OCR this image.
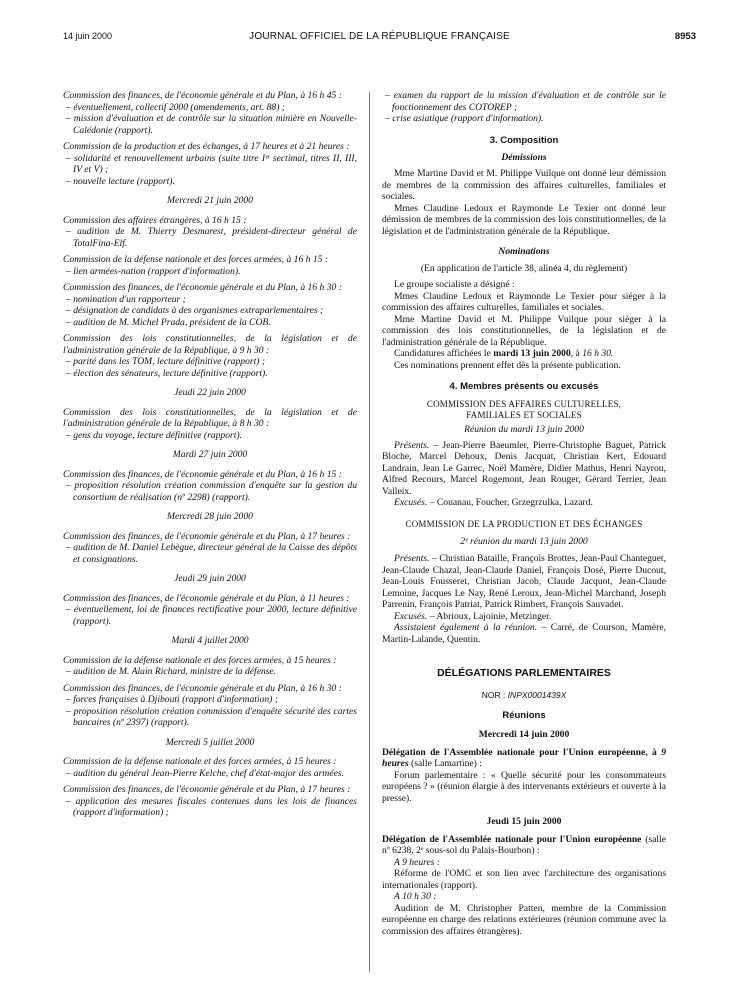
14 juin 2000	JOURNAL OFFICIEL DE LA RÉPUBLIQUE FRANÇAISE	8953

Commission des finances, de l'économie générale et du Plan, à 16 h 45 :

– éventuellement, collectif 2000 (amendements, art. 88) ;
– mission d'évaluation et de contrôle sur la situation minière en Nouvelle-Calédonie (rapport).

Commission de la production et des échanges, à 17 heures et à 21 heures :

– solidarité et renouvellement urbains (suite titre Iᵉʳ sectimal, titres II, III, IV et V) ;
– nouvelle lecture (rapport).

Mercredi 21 juin 2000

Commission des affaires étrangères, à 16 h 15 :

– audition de M. Thierry Desmarest, président-directeur général de TotalFina-Elf.

Commission de la défense nationale et des forces armées, à 16 h 15 :

– lien armées-nation (rapport d'information).

Commission des finances, de l'économie générale et du Plan, à 16 h 30 :

– nomination d'un rapporteur ;
– désignation de candidats à des organismes extraparlementaires ;
– audition de M. Michel Prada, président de la COB.

Commission des lois constitutionnelles, de la législation et de l'administration générale de la République, à 9 h 30 :

– parité dans les TOM, lecture définitive (rapport) ;
– élection des sénateurs, lecture définitive (rapport).

Jeudi 22 juin 2000

Commission des lois constitutionnelles, de la législation et de l'administration générale de la République, à 8 h 30 :

– gens du voyage, lecture définitive (rapport).

Mardi 27 juin 2000

Commission des finances, de l'économie générale et du Plan, à 16 h 15 :

– proposition résolution création commission d'enquête sur la gestion du consortium de réalisation (nº 2298) (rapport).

Mercredi 28 juin 2000

Commission des finances, de l'économie générale et du Plan, à 17 heures :

– audition de M. Daniel Lebègue, directeur général de la Caisse des dépôts et consignations.

Jeudi 29 juin 2000

Commission des finances, de l'économie générale et du Plan, à 11 heures :

– éventuellement, loi de finances rectificative pour 2000, lecture définitive (rapport).

Mardi 4 juillet 2000

Commission de la défense nationale et des forces armées, à 15 heures :

– audition de M. Alain Richard, ministre de la défense.

Commission des finances, de l'économie générale et du Plan, à 16 h 30 :

– forces françaises à Djibouti (rapport d'information) ;
– proposition résolution création commission d'enquête sécurité des cartes bancaires (nº 2397) (rapport).

Mercredi 5 juillet 2000

Commission de la défense nationale et des forces armées, à 15 heures :

– audition du général Jean-Pierre Kelche, chef d'état-major des armées.

Commission des finances, de l'économie générale et du Plan, à 17 heures :

– application des mesures fiscales contenues dans les lois de finances (rapport d'information) ;
– examen du rapport de la mission d'évaluation et de contrôle sur le fonctionnement des COTOREP ;
– crise asiatique (rapport d'information).

3. Composition

Démissions

Mme Martine David et M. Philippe Vuilque ont donné leur démission de membres de la commission des affaires culturelles, familiales et sociales.

Mmes Claudine Ledoux et Raymonde Le Texier ont donné leur démission de membres de la commission des lois constitutionnelles, de la législation et de l'administration générale de la République.

Nominations

(En application de l'article 38, alinéa 4, du règlement)

Le groupe socialiste a désigné :

Mmes Claudine Ledoux et Raymonde Le Texier pour siéger à la commission des affaires culturelles, familiales et sociales.

Mme Martine David et M. Philippe Vuilque pour siéger à la commission des lois constitutionnelles, de la législation et de l'administration générale de la République.

Candidatures affichées le mardi 13 juin 2000, à 16 h 30.

Ces nominations prennent effet dès la présente publication.

4. Membres présents ou excusés

COMMISSION DES AFFAIRES CULTURELLES,

FAMILIALES ET SOCIALES

Réunion du mardi 13 juin 2000

Présents. – Jean-Pierre Baeumler, Pierre-Christophe Baguet, Patrick Bloche, Marcel Dehoux, Denis Jacquat, Christian Kert, Edouard Landrain, Jean Le Garrec, Noël Mamère, Didier Mathus, Henri Nayrou, Alfred Recours, Marcel Rogemont, Jean Rouger, Gérard Terrier, Jean Valleix.

Excusés. – Couanau, Foucher, Grzegrzulka, Lazard.

COMMISSION DE LA PRODUCTION ET DES ÉCHANGES

2ᵉ réunion du mardi 13 juin 2000

Présents. – Christian Bataille, François Brottes, Jean-Paul Chanteguet, Jean-Claude Chazal, Jean-Claude Daniel, François Dosé, Pierre Ducout, Jean-Louis Fousseret, Christian Jacob, Claude Jacquot, Jean-Claude Lemoine, Jacques Le Nay, René Leroux, Jean-Michel Marchand, Joseph Parrenin, François Patriat, Patrick Rimbert, François Sauvadet.

Excusés. – Abrioux, Lajoinie, Metzinger.

Assistaient également à la réunion. – Carré, de Courson, Mamère, Martin-Lalande, Quentin.

DÉLÉGATIONS PARLEMENTAIRES

NOR : INPX0001439X

Réunions

Mercredi 14 juin 2000

Délégation de l'Assemblée nationale pour l'Union européenne, à 9 heures (salle Lamartine) :

Forum parlementaire : « Quelle sécurité pour les consommateurs européens ? » (réunion élargie à des intervenants extérieurs et ouverte à la presse).

Jeudi 15 juin 2000

Délégation de l'Assemblée nationale pour l'Union européenne (salle nº 6238, 2ᵉ sous-sol du Palais-Bourbon) :

A 9 heures :

Réforme de l'OMC et son lien avec l'architecture des organisations internationales (rapport).

A 10 h 30 :

Audition de M. Christopher Patten, membre de la Commission européenne en charge des relations extérieures (réunion commune avec la commission des affaires étrangères).
